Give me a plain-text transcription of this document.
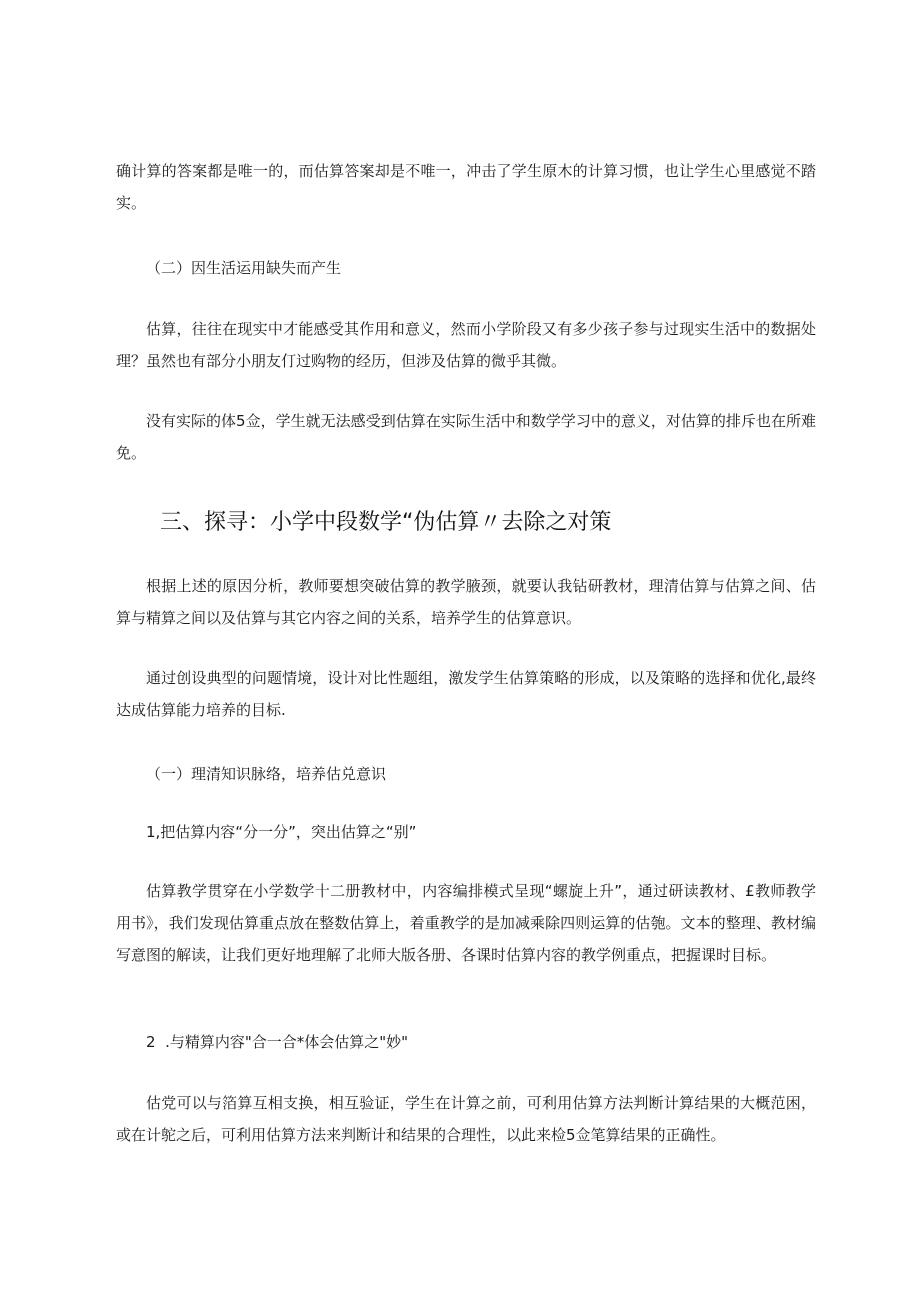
确计算的答案都是唯一的，而估算答案却是不唯一，冲击了学生原木的计算习惯，也让学生心里感觉不踏实。

（二）因生活运用缺失而产生

估算，往往在现实中才能感受其作用和意义，然而小学阶段又有多少孩子参与过现实生活中的数据处理？虽然也有部分小朋友仃过购物的经历，但涉及估算的微乎其微。

没有实际的体5佥，学生就无法感受到估算在实际生活中和数学学习中的意义，对估算的排斥也在所难免。

三、探寻：小学中段数学“伪估算〃去除之对策

根据上述的原因分析，教师要想突破估算的教学腋颈，就要认我钻研教材，理清估算与估算之间、估算与精算之间以及估算与其它内容之间的关系，培养学生的估算意识。

通过创设典型的问题情境，设计对比性题组，激发学生估算策略的形成，以及策略的选择和优化,最终达成估算能力培养的目标.

（一）理清知识脉络，培养估兑意识

1,把估算内容“分一分”，突出估算之“别”

估算教学贯穿在小学数学十二册教材中，内容编排模式呈现“螺旋上升”，通过研读教材、£教师教学用书》，我们发现估算重点放在整数估算上，着重教学的是加减乘除四则运算的估匏。文本的整理、教材编写意图的解读，让我们更好地理解了北师大版各册、各课时估算内容的教学例重点，把握课时目标。

2  .与精算内容"合一合*体会估算之"妙"

估党可以与箔算互相支换，相互验证，学生在计算之前，可利用估算方法判断计算结果的大概范困，或在计鸵之后，可利用估算方法来判断计和结果的合理性，以此来检5佥笔算结果的正确性。
